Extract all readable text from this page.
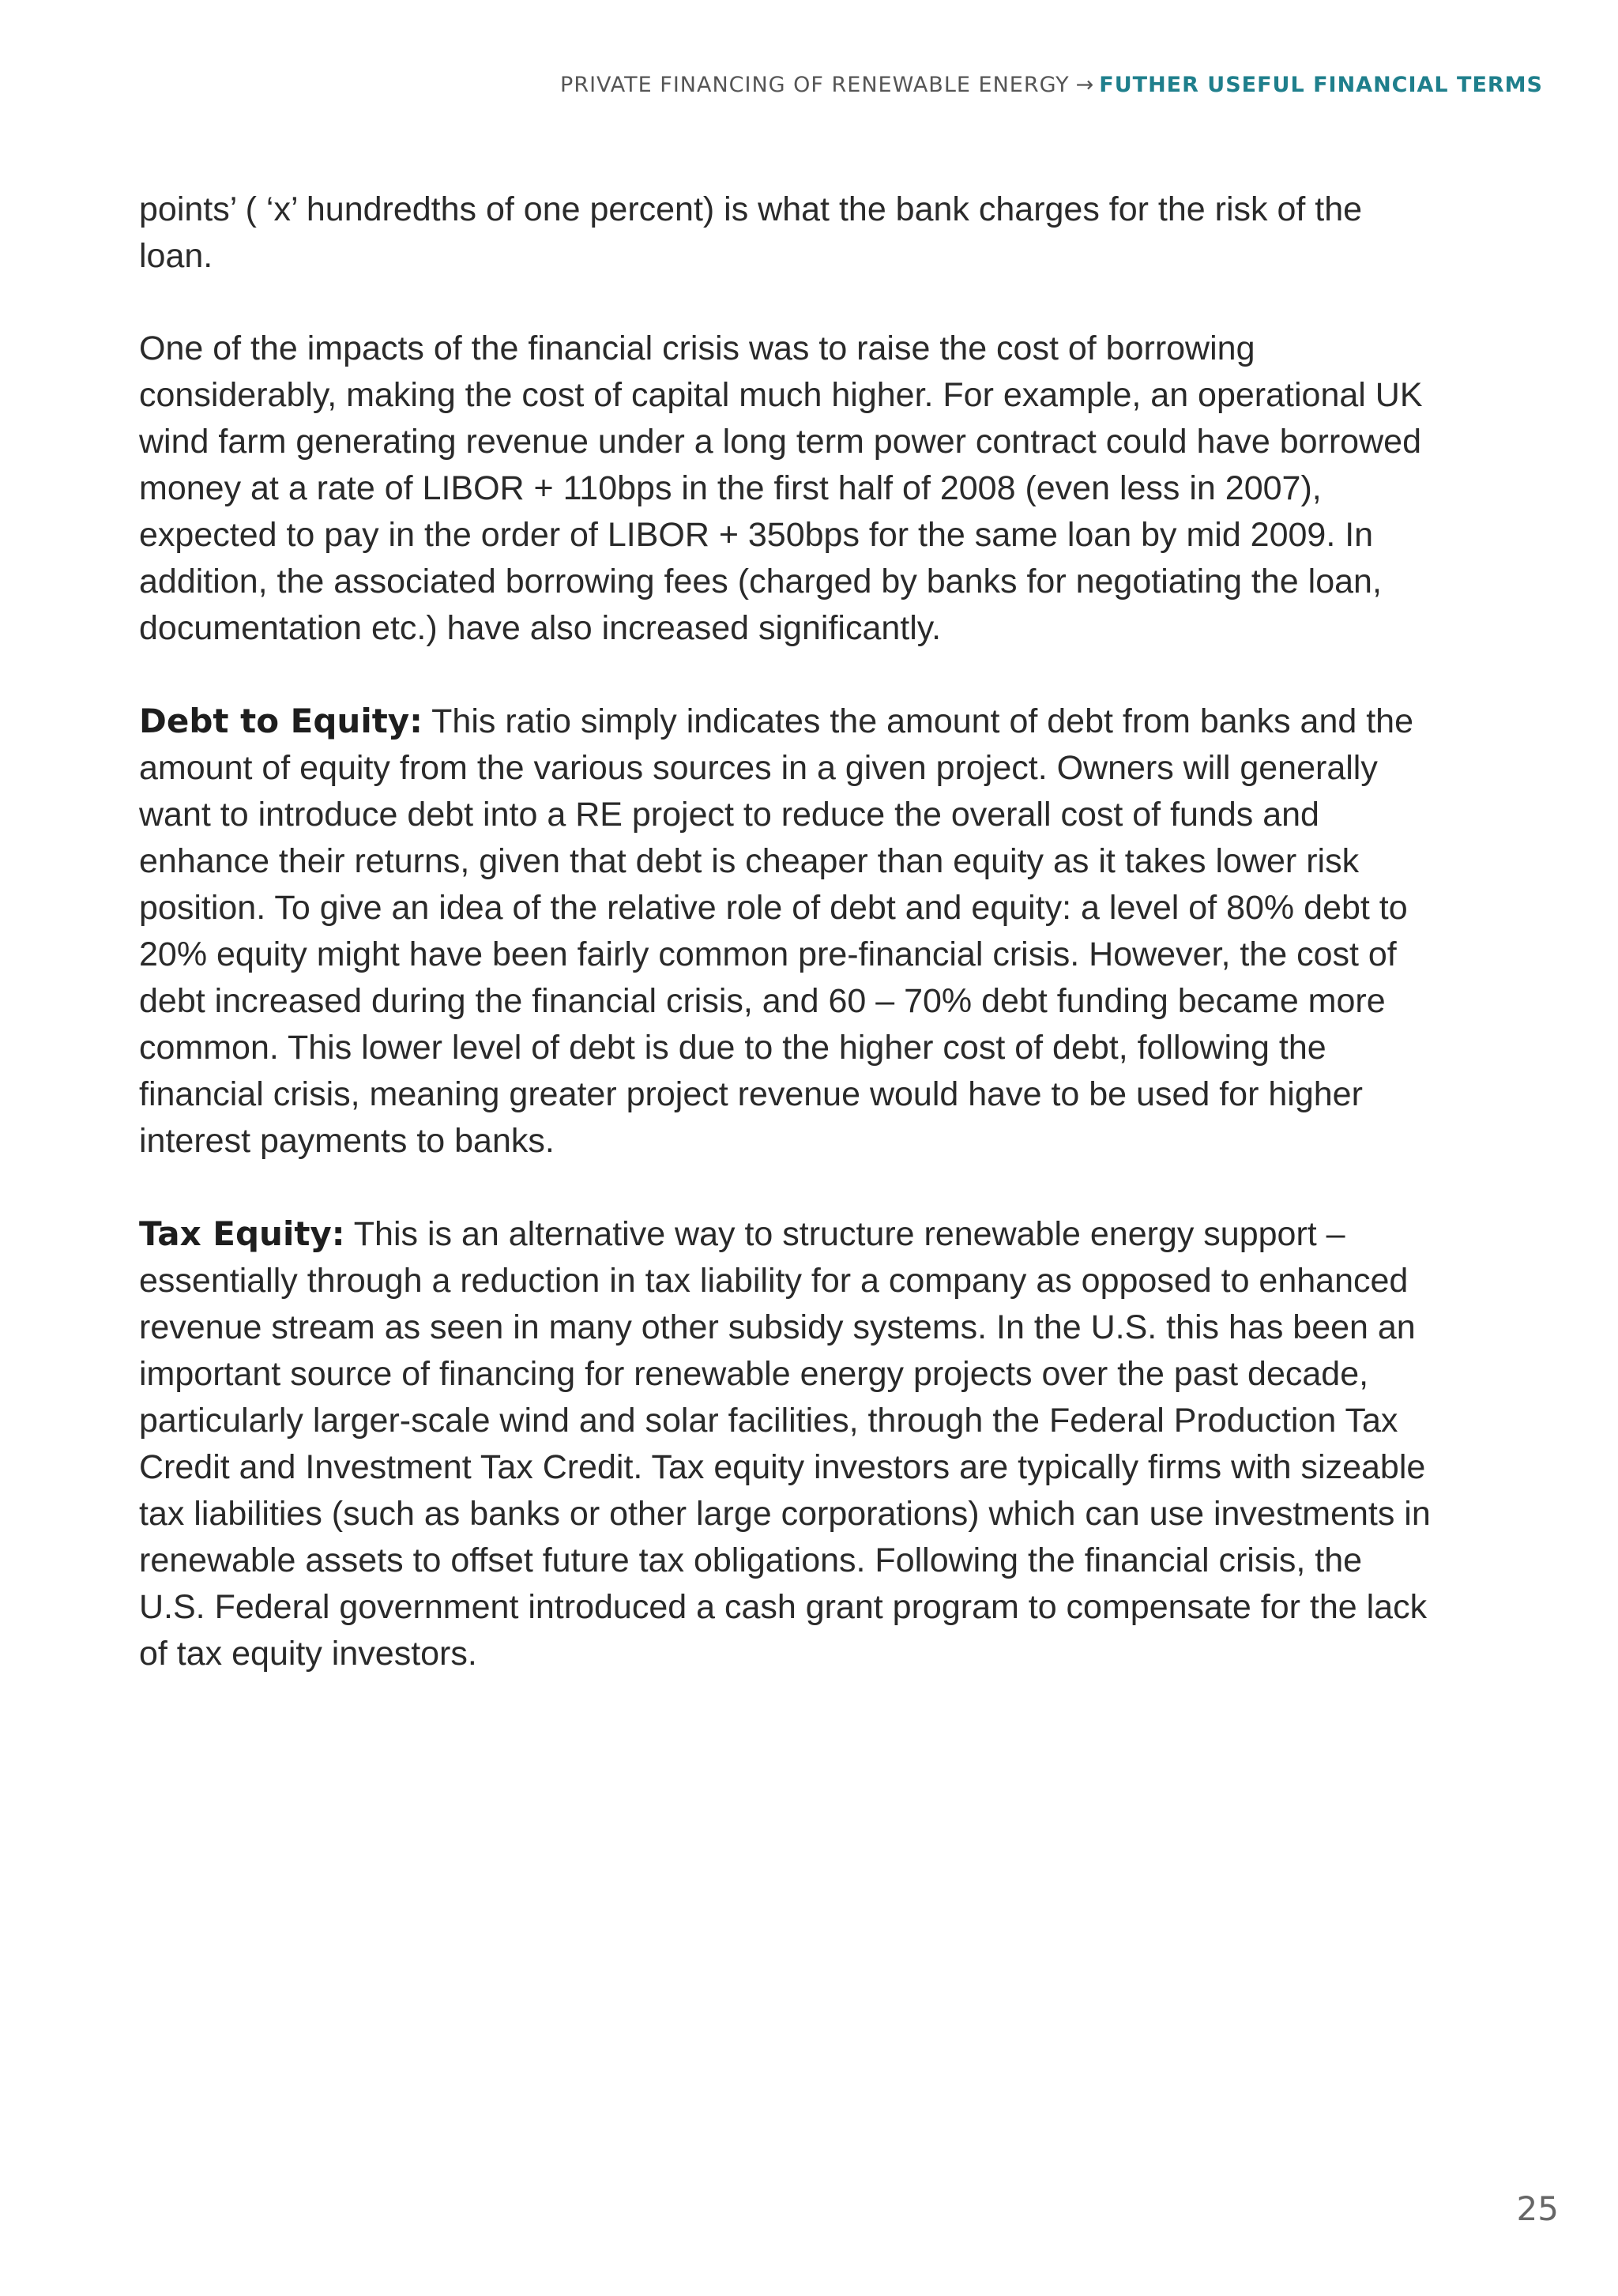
PRIVATE FINANCING OF RENEWABLE ENERGY → FUTHER USEFUL FINANCIAL TERMS

points’ ( ‘x’ hundredths of one percent) is what the bank charges for the risk of the loan.

One of the impacts of the financial crisis was to raise the cost of borrowing considerably, making the cost of capital much higher. For example, an operational UK wind farm generating revenue under a long term power contract could have borrowed money at a rate of LIBOR + 110bps in the first half of 2008 (even less in 2007), expected to pay in the order of LIBOR + 350bps for the same loan by mid 2009. In addition, the associated borrowing fees (charged by banks for negotiating the loan, documentation etc.) have also increased significantly.

Debt to Equity: This ratio simply indicates the amount of debt from banks and the amount of equity from the various sources in a given project. Owners will generally want to introduce debt into a RE project to reduce the overall cost of funds and enhance their returns, given that debt is cheaper than equity as it takes lower risk position. To give an idea of the relative role of debt and equity: a level of 80% debt to 20% equity might have been fairly common pre-financial crisis. However, the cost of debt increased during the financial crisis, and 60 – 70% debt funding became more common. This lower level of debt is due to the higher cost of debt, following the financial crisis, meaning greater project revenue would have to be used for higher interest payments to banks.

Tax Equity: This is an alternative way to structure renewable energy support – essentially through a reduction in tax liability for a company as opposed to enhanced revenue stream as seen in many other subsidy systems. In the U.S. this has been an important source of financing for renewable energy projects over the past decade, particularly larger-scale wind and solar facilities, through the Federal Production Tax Credit and Investment Tax Credit. Tax equity investors are typically firms with sizeable tax liabilities (such as banks or other large corporations) which can use investments in renewable assets to offset future tax obligations. Following the financial crisis, the U.S. Federal government introduced a cash grant program to compensate for the lack of tax equity investors.

25
